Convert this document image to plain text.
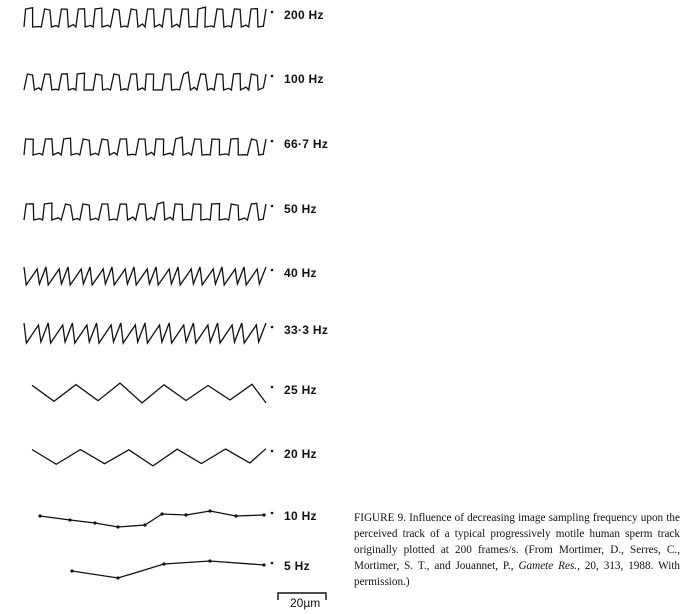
200 Hz
100 Hz
66·7 Hz
50 Hz
40 Hz
33·3 Hz
25 Hz
20 Hz
10 Hz
5 Hz
20µm
FIGURE 9. Influence of decreasing image sampling frequency upon the perceived track of a typical progressively motile human sperm track originally plotted at 200 frames/s. (From Mortimer, D., Serres, C., Mortimer, S. T., and Jouannet, P., Gamete Res., 20, 313, 1988. With permission.)
